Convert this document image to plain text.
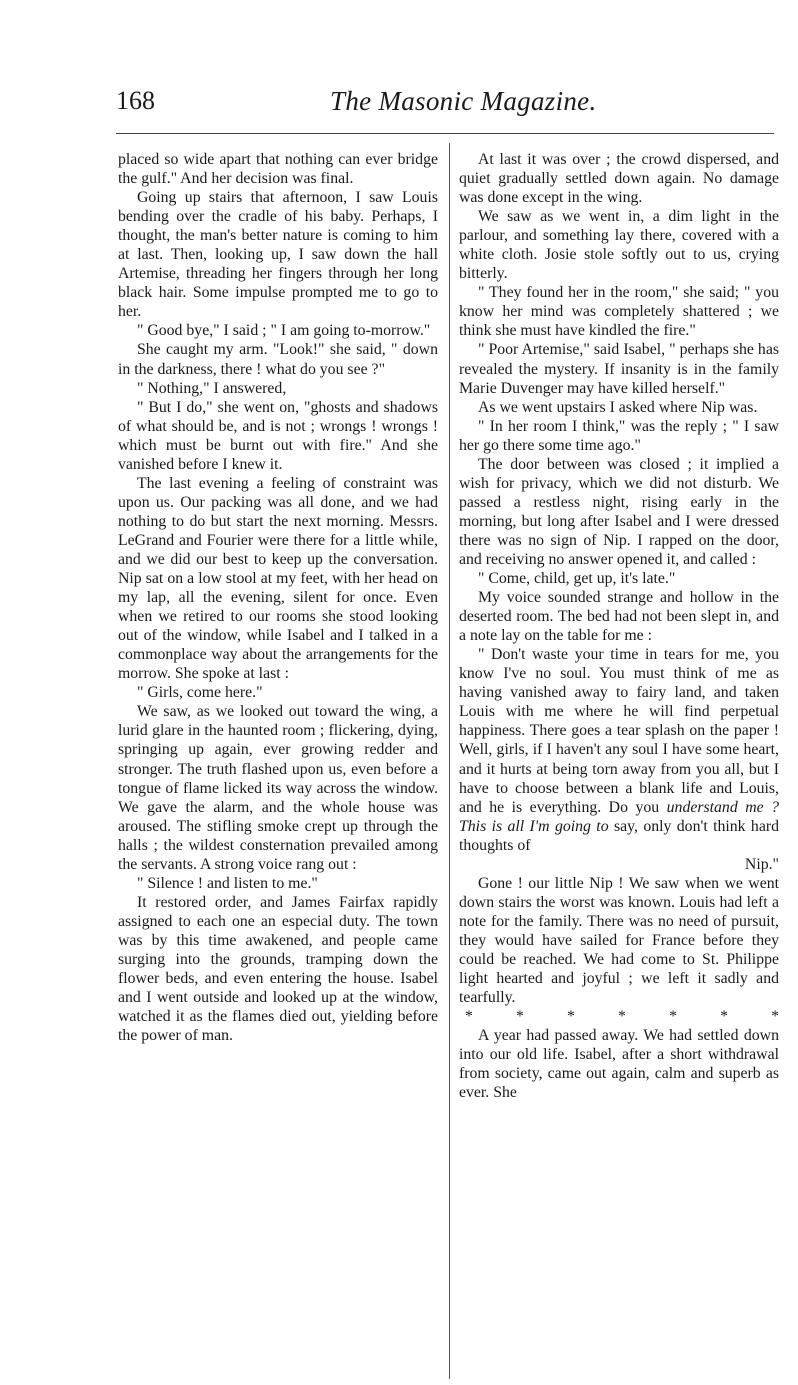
168	The Masonic Magazine.

placed so wide apart that nothing can ever bridge the gulf." And her decision was final.

Going up stairs that afternoon, I saw Louis bending over the cradle of his baby. Perhaps, I thought, the man's better nature is coming to him at last. Then, looking up, I saw down the hall Artemise, threading her fingers through her long black hair. Some impulse prompted me to go to her.

" Good bye," I said ; " I am going to-morrow."

She caught my arm. "Look!" she said, " down in the darkness, there ! what do you see ?"

" Nothing," I answered,

" But I do," she went on, "ghosts and shadows of what should be, and is not ; wrongs ! wrongs ! which must be burnt out with fire." And she vanished before I knew it.

The last evening a feeling of constraint was upon us. Our packing was all done, and we had nothing to do but start the next morning. Messrs. LeGrand and Fourier were there for a little while, and we did our best to keep up the conversation. Nip sat on a low stool at my feet, with her head on my lap, all the evening, silent for once. Even when we retired to our rooms she stood looking out of the window, while Isabel and I talked in a commonplace way about the arrangements for the morrow. She spoke at last :

" Girls, come here."

We saw, as we looked out toward the wing, a lurid glare in the haunted room ; flickering, dying, springing up again, ever growing redder and stronger. The truth flashed upon us, even before a tongue of flame licked its way across the window. We gave the alarm, and the whole house was aroused. The stifling smoke crept up through the halls ; the wildest consternation prevailed among the servants. A strong voice rang out :

" Silence ! and listen to me."

It restored order, and James Fairfax rapidly assigned to each one an especial duty. The town was by this time awakened, and people came surging into the grounds, tramping down the flower beds, and even entering the house. Isabel and I went outside and looked up at the window, watched it as the flames died out, yielding before the power of man.

At last it was over ; the crowd dispersed, and quiet gradually settled down again. No damage was done except in the wing.

We saw as we went in, a dim light in the parlour, and something lay there, covered with a white cloth. Josie stole softly out to us, crying bitterly.

" They found her in the room," she said; " you know her mind was completely shattered ; we think she must have kindled the fire."

" Poor Artemise," said Isabel, " perhaps she has revealed the mystery. If insanity is in the family Marie Duvenger may have killed herself."

As we went upstairs I asked where Nip was.

" In her room I think," was the reply ; " I saw her go there some time ago."

The door between was closed ; it implied a wish for privacy, which we did not disturb. We passed a restless night, rising early in the morning, but long after Isabel and I were dressed there was no sign of Nip. I rapped on the door, and receiving no answer opened it, and called :

" Come, child, get up, it's late."

My voice sounded strange and hollow in the deserted room. The bed had not been slept in, and a note lay on the table for me :

" Don't waste your time in tears for me, you know I've no soul. You must think of me as having vanished away to fairy land, and taken Louis with me where he will find perpetual happiness. There goes a tear splash on the paper ! Well, girls, if I haven't any soul I have some heart, and it hurts at being torn away from you all, but I have to choose between a blank life and Louis, and he is everything. Do you understand me ? This is all I'm going to say, only don't think hard thoughts of

Nip."

Gone ! our little Nip ! We saw when we went down stairs the worst was known. Louis had left a note for the family. There was no need of pursuit, they would have sailed for France before they could be reached. We had come to St. Philippe light hearted and joyful ; we left it sadly and tearfully.

*	*	*	*	*	*	*

A year had passed away. We had settled down into our old life. Isabel, after a short withdrawal from society, came out again, calm and superb as ever. She
